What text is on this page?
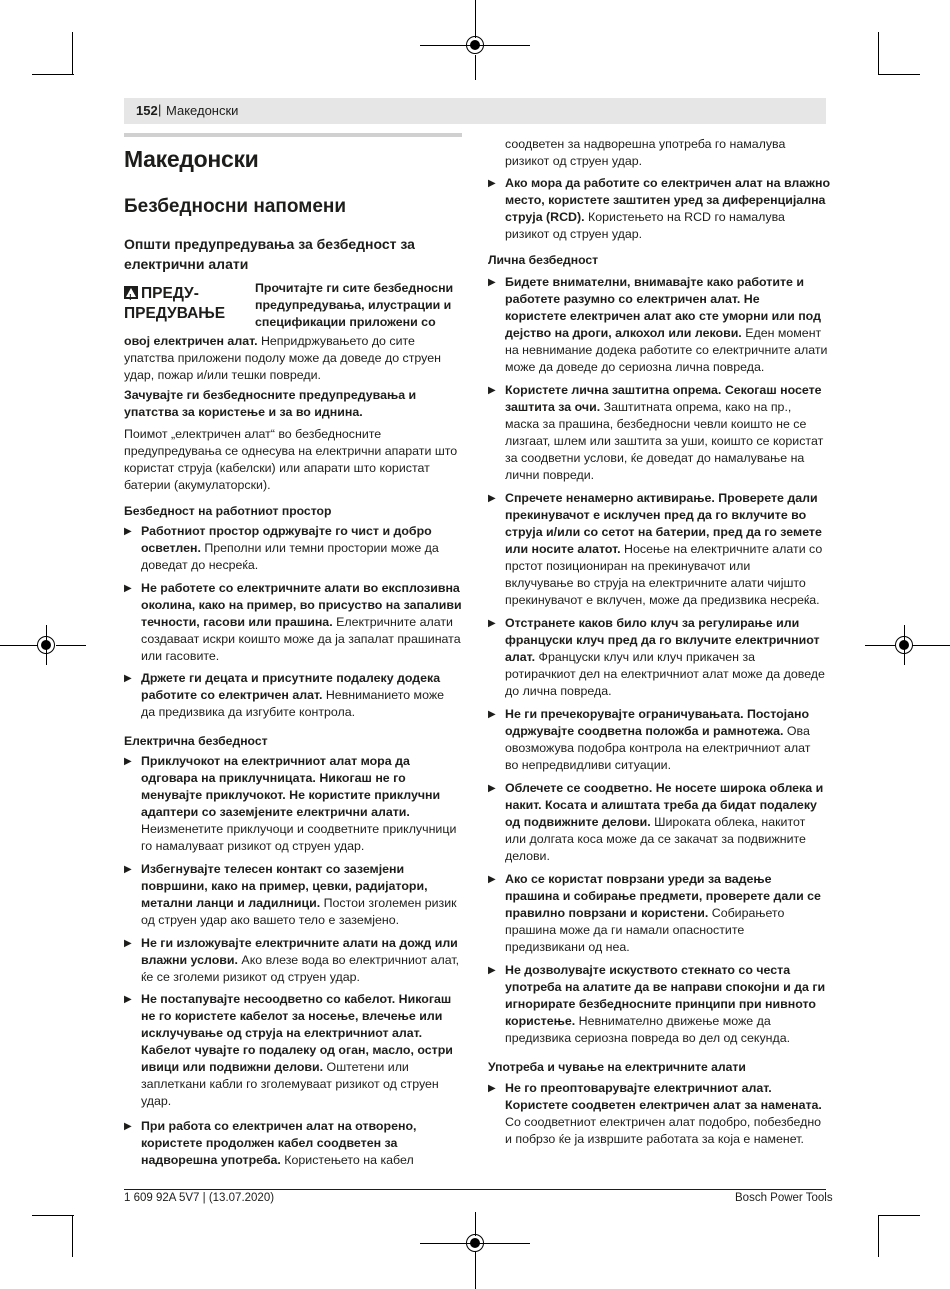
152 | Македонски
Македонски
Безбедносни напомени
Општи предупредувања за безбедност за
електрични алати
!ПРЕДУ-
ПРЕДУВАЊЕ
Прочитајте ги сите безбедносни
предупредувања, илустрации и
спецификации приложени со
овој електричен алат. Непридржувањето до сите
упатства приложени подолу може да доведе до струен
удар, пожар и/или тешки повреди.
Зачувајте ги безбедносните предупредувања и
упатства за користење и за во иднина.
Поимот „електричен алат“ во безбедносните
предупредувања се однесува на електрични апарати што
користат струја (кабелски) или апарати што користат
батерии (акумулаторски).
Безбедност на работниот простор
▶ Работниот простор одржувајте го чист и добро
осветлен. Преполни или темни простории може да
доведат до несреќа.
▶ Не работете со електричните алати во експлозивна
околина, како на пример, во присуство на запаливи
течности, гасови или прашина. Електричните алати
создаваат искри коишто може да ја запалат прашината
или гасовите.
▶ Држете ги децата и присутните подалеку додека
работите со електричен алат. Невниманието може
да предизвика да изгубите контрола.
Електрична безбедност
▶ Приклучокот на електричниот алат мора да
одговара на приклучницата. Никогаш не го
менувајте приклучокот. Не користите приклучни
адаптери со заземјените електрични алати.
Неизменетите приклучоци и соодветните приклучници
го намалуваат ризикот од струен удар.
▶ Избегнувајте телесен контакт со заземјени
површини, како на пример, цевки, радијатори,
метални ланци и ладилници. Постои зголемен ризик
од струен удар ако вашето тело е заземјено.
▶ Не ги изложувајте електричните алати на дожд или
влажни услови. Ако влезе вода во електричниот алат,
ќе се зголеми ризикот од струен удар.
▶ Не постапувајте несоодветно со кабелот. Никогаш
не го користете кабелот за носење, влечење или
исклучување од струја на електричниот алат.
Кабелот чувајте го подалеку од оган, масло, остри
ивици или подвижни делови. Оштетени или
заплеткани кабли го зголемуваат ризикот од струен
удар.
▶ При работа со електричен алат на отворено,
користете продолжен кабел соодветен за
надворешна употреба. Користењето на кабел
соодветен за надворешна употреба го намалува
ризикот од струен удар.
▶ Ако мора да работите со електричен алат на влажно
место, користете заштитен уред за диференцијална
струја (RCD). Користењето на RCD го намалува
ризикот од струен удар.
Лична безбедност
▶ Бидете внимателни, внимавајте како работите и
работете разумно со електричен алат. Не
користете електричен алат ако сте уморни или под
дејство на дроги, алкохол или лекови. Еден момент
на невнимание додека работите со електричните алати
може да доведе до сериозна лична повреда.
▶ Користете лична заштитна опрема. Секогаш носете
заштита за очи. Заштитната опрема, како на пр.,
маска за прашина, безбедносни чевли коишто не се
лизгаат, шлем или заштита за уши, коишто се користат
за соодветни услови, ќе доведат до намалување на
лични повреди.
▶ Спречете ненамерно активирање. Проверете дали
прекинувачот е исклучен пред да го вклучите во
струја и/или со сетот на батерии, пред да го земете
или носите алатот. Носење на електричните алати со
прстот позициониран на прекинувачот или
вклучување во струја на електричните алати чијшто
прекинувачот е вклучен, може да предизвика несреќа.
▶ Отстранете каков било клуч за регулирање или
француски клуч пред да го вклучите електричниот
алат. Француски клуч или клуч прикачен за
ротирачкиот дел на електричниот алат може да доведе
до лична повреда.
▶ Не ги пречекорувајте ограничувањата. Постојано
одржувајте соодветна положба и рамнотежа. Ова
овозможува подобра контрола на електричниот алат
во непредвидливи ситуации.
▶ Облечете се соодветно. Не носете широка облека и
накит. Косата и алиштата треба да бидат подалеку
од подвижните делови. Широката облека, накитот
или долгата коса може да се закачат за подвижните
делови.
▶ Ако се користат поврзани уреди за вадење
прашина и собирање предмети, проверете дали се
правилно поврзани и користени. Собирањето
прашина може да ги намали опасностите
предизвикани од неа.
▶ Не дозволувајте искуството стекнато со честа
употреба на алатите да ве направи спокојни и да ги
игнорирате безбедносните принципи при нивното
користење. Невнимателно движење може да
предизвика сериозна повреда во дел од секунда.
Употреба и чување на електричните алати
▶ Не го преоптоварувајте електричниот алат.
Користете соодветен електричен алат за намената.
Со соодветниот електричен алат подобро, побезбедно
и побрзо ќе ја извршите работата за која е наменет.
1 609 92A 5V7 | (13.07.2020)	Bosch Power Tools
